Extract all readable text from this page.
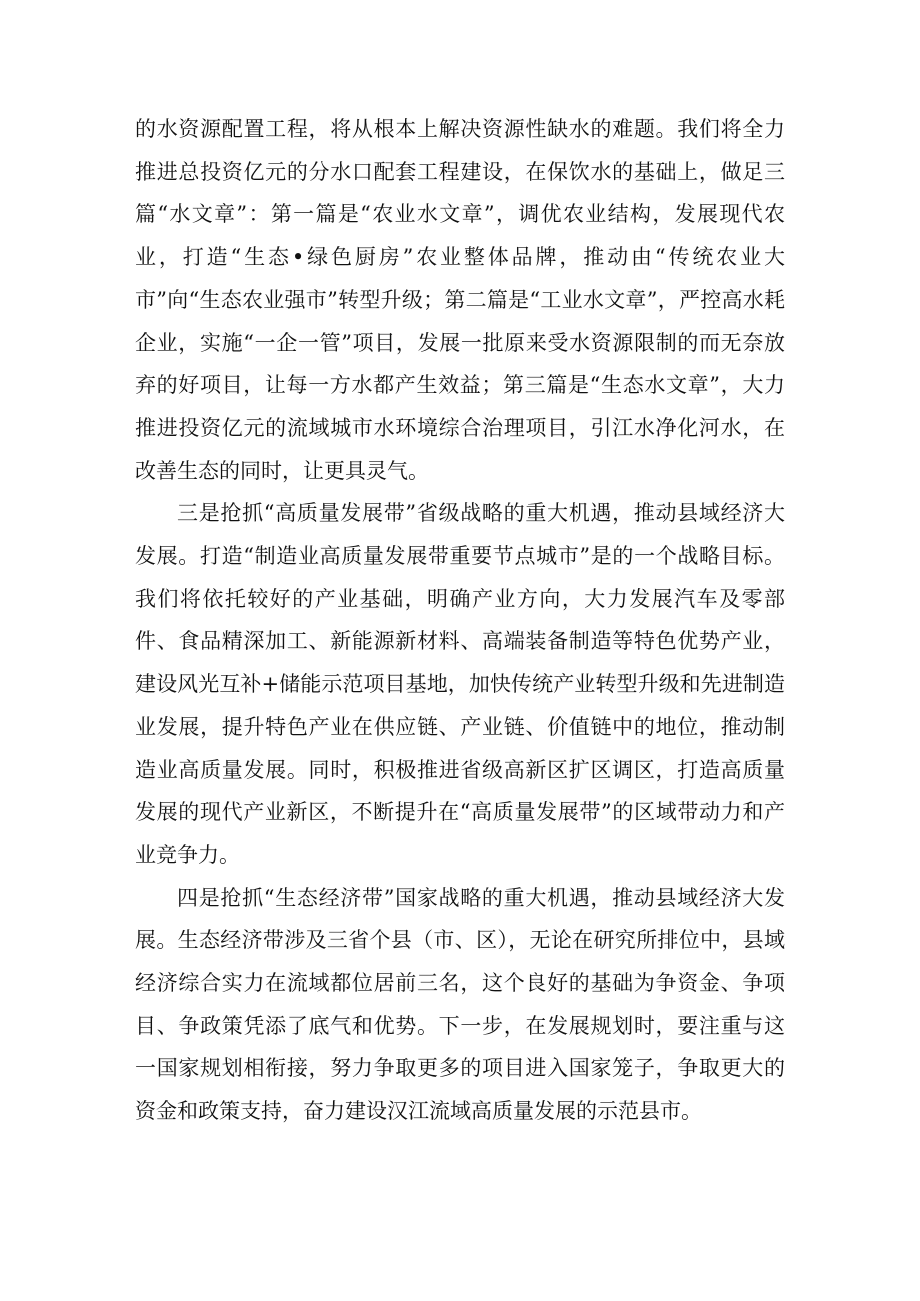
的水资源配置工程，将从根本上解决资源性缺水的难题。我们将全力推进总投资亿元的分水口配套工程建设，在保饮水的基础上，做足三篇“水文章”：第一篇是“农业水文章”，调优农业结构，发展现代农业，打造“生态•绿色厨房”农业整体品牌，推动由“传统农业大市”向“生态农业强市”转型升级；第二篇是“工业水文章”，严控高水耗企业，实施“一企一管”项目，发展一批原来受水资源限制的而无奈放弃的好项目，让每一方水都产生效益；第三篇是“生态水文章”，大力推进投资亿元的流域城市水环境综合治理项目，引江水净化河水，在改善生态的同时，让更具灵气。

三是抢抓“高质量发展带”省级战略的重大机遇，推动县域经济大发展。打造“制造业高质量发展带重要节点城市”是的一个战略目标。我们将依托较好的产业基础，明确产业方向，大力发展汽车及零部件、食品精深加工、新能源新材料、高端装备制造等特色优势产业，建设风光互补+储能示范项目基地，加快传统产业转型升级和先进制造业发展，提升特色产业在供应链、产业链、价值链中的地位，推动制造业高质量发展。同时，积极推进省级高新区扩区调区，打造高质量发展的现代产业新区，不断提升在“高质量发展带”的区域带动力和产业竞争力。

四是抢抓“生态经济带”国家战略的重大机遇，推动县域经济大发展。生态经济带涉及三省个县（市、区），无论在研究所排位中，县域经济综合实力在流域都位居前三名，这个良好的基础为争资金、争项目、争政策凭添了底气和优势。下一步，在发展规划时，要注重与这一国家规划相衔接，努力争取更多的项目进入国家笼子，争取更大的资金和政策支持，奋力建设汉江流域高质量发展的示范县市。
